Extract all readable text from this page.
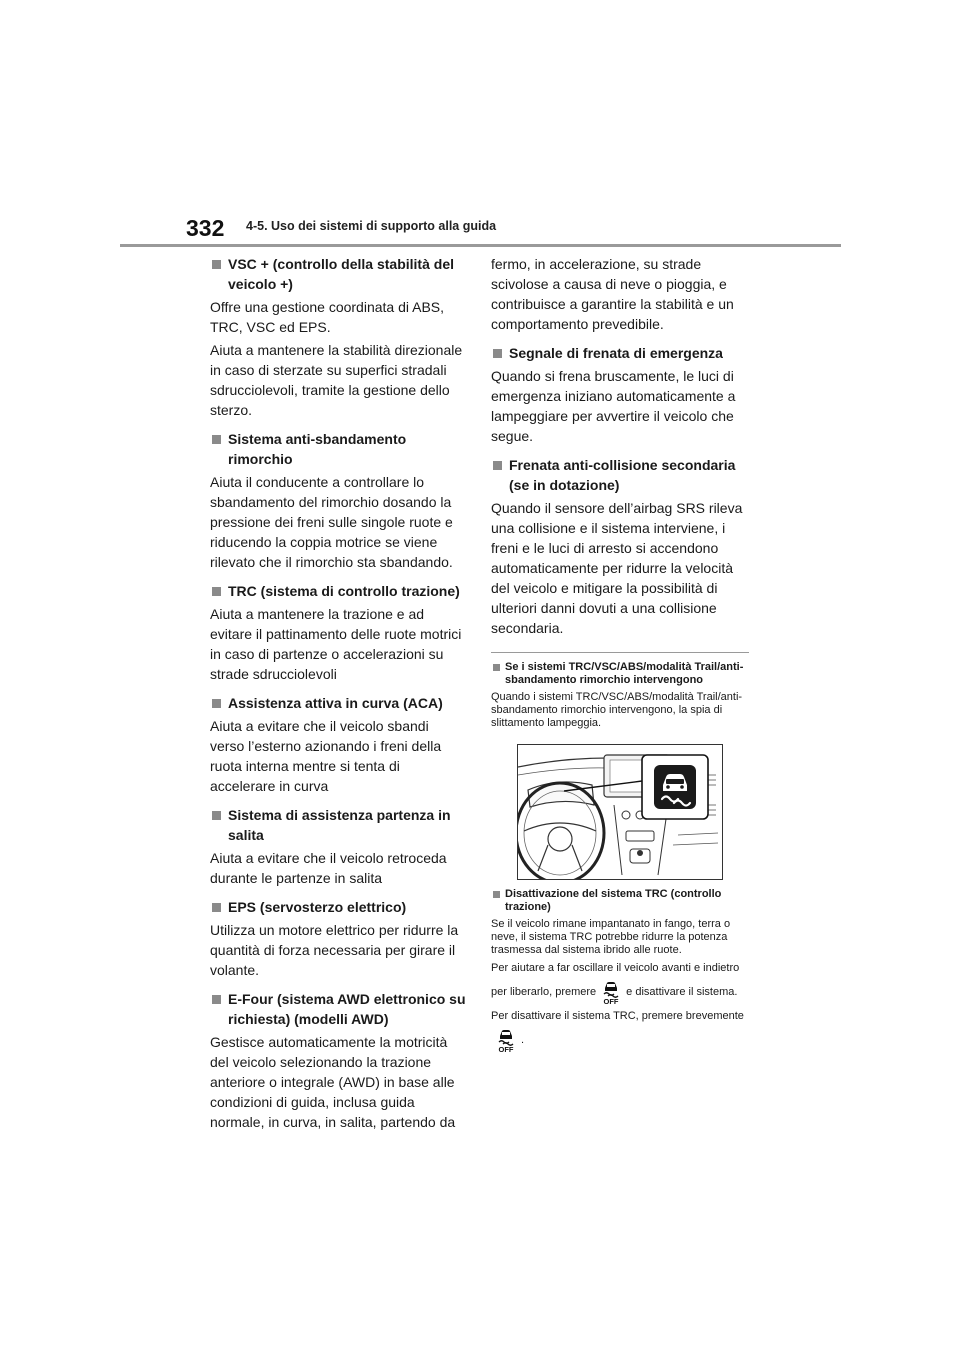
332 4-5. Uso dei sistemi di supporto alla guida
VSC + (controllo della stabilità del veicolo +)

Offre una gestione coordinata di ABS, TRC, VSC ed EPS.

Aiuta a mantenere la stabilità direzionale in caso di sterzate su superfici stradali sdrucciolevoli, tramite la gestione dello sterzo.

Sistema anti-sbandamento rimorchio

Aiuta il conducente a controllare lo sbandamento del rimorchio dosando la pressione dei freni sulle singole ruote e riducendo la coppia motrice se viene rilevato che il rimorchio sta sbandando.

TRC (sistema di controllo trazione)

Aiuta a mantenere la trazione e ad evitare il pattinamento delle ruote motrici in caso di partenze o accelerazioni su strade sdrucciolevoli

Assistenza attiva in curva (ACA)

Aiuta a evitare che il veicolo sbandi verso l’esterno azionando i freni della ruota interna mentre si tenta di accelerare in curva

Sistema di assistenza partenza in salita

Aiuta a evitare che il veicolo retroceda durante le partenze in salita

EPS (servosterzo elettrico)

Utilizza un motore elettrico per ridurre la quantità di forza necessaria per girare il volante.

E-Four (sistema AWD elettronico su richiesta) (modelli AWD)

Gestisce automaticamente la motricità del veicolo selezionando la trazione anteriore o integrale (AWD) in base alle condizioni di guida, inclusa guida normale, in curva, in salita, partendo da

fermo, in accelerazione, su strade scivolose a causa di neve o pioggia, e contribuisce a garantire la stabilità e un comportamento prevedibile.

Segnale di frenata di emergenza

Quando si frena bruscamente, le luci di emergenza iniziano automaticamente a lampeggiare per avvertire il veicolo che segue.

Frenata anti-collisione secondaria (se in dotazione)

Quando il sensore dell’airbag SRS rileva una collisione e il sistema interviene, i freni e le luci di arresto si accendono automaticamente per ridurre la velocità del veicolo e mitigare la possibilità di ulteriori danni dovuti a una collisione secondaria.

Se i sistemi TRC/VSC/ABS/modalità Trail/anti-sbandamento rimorchio intervengono

Quando i sistemi TRC/VSC/ABS/modalità Trail/anti-sbandamento rimorchio intervengono, la spia di slittamento lampeggia.

Disattivazione del sistema TRC (controllo trazione)

Se il veicolo rimane impantanato in fango, terra o neve, il sistema TRC potrebbe ridurre la potenza trasmessa dal sistema ibrido alle ruote.

Per aiutare a far oscillare il veicolo avanti e indietro per liberarlo, premere
OFF
e disattivare il sistema.

Per disattivare il sistema TRC, premere brevemente
OFF
.
